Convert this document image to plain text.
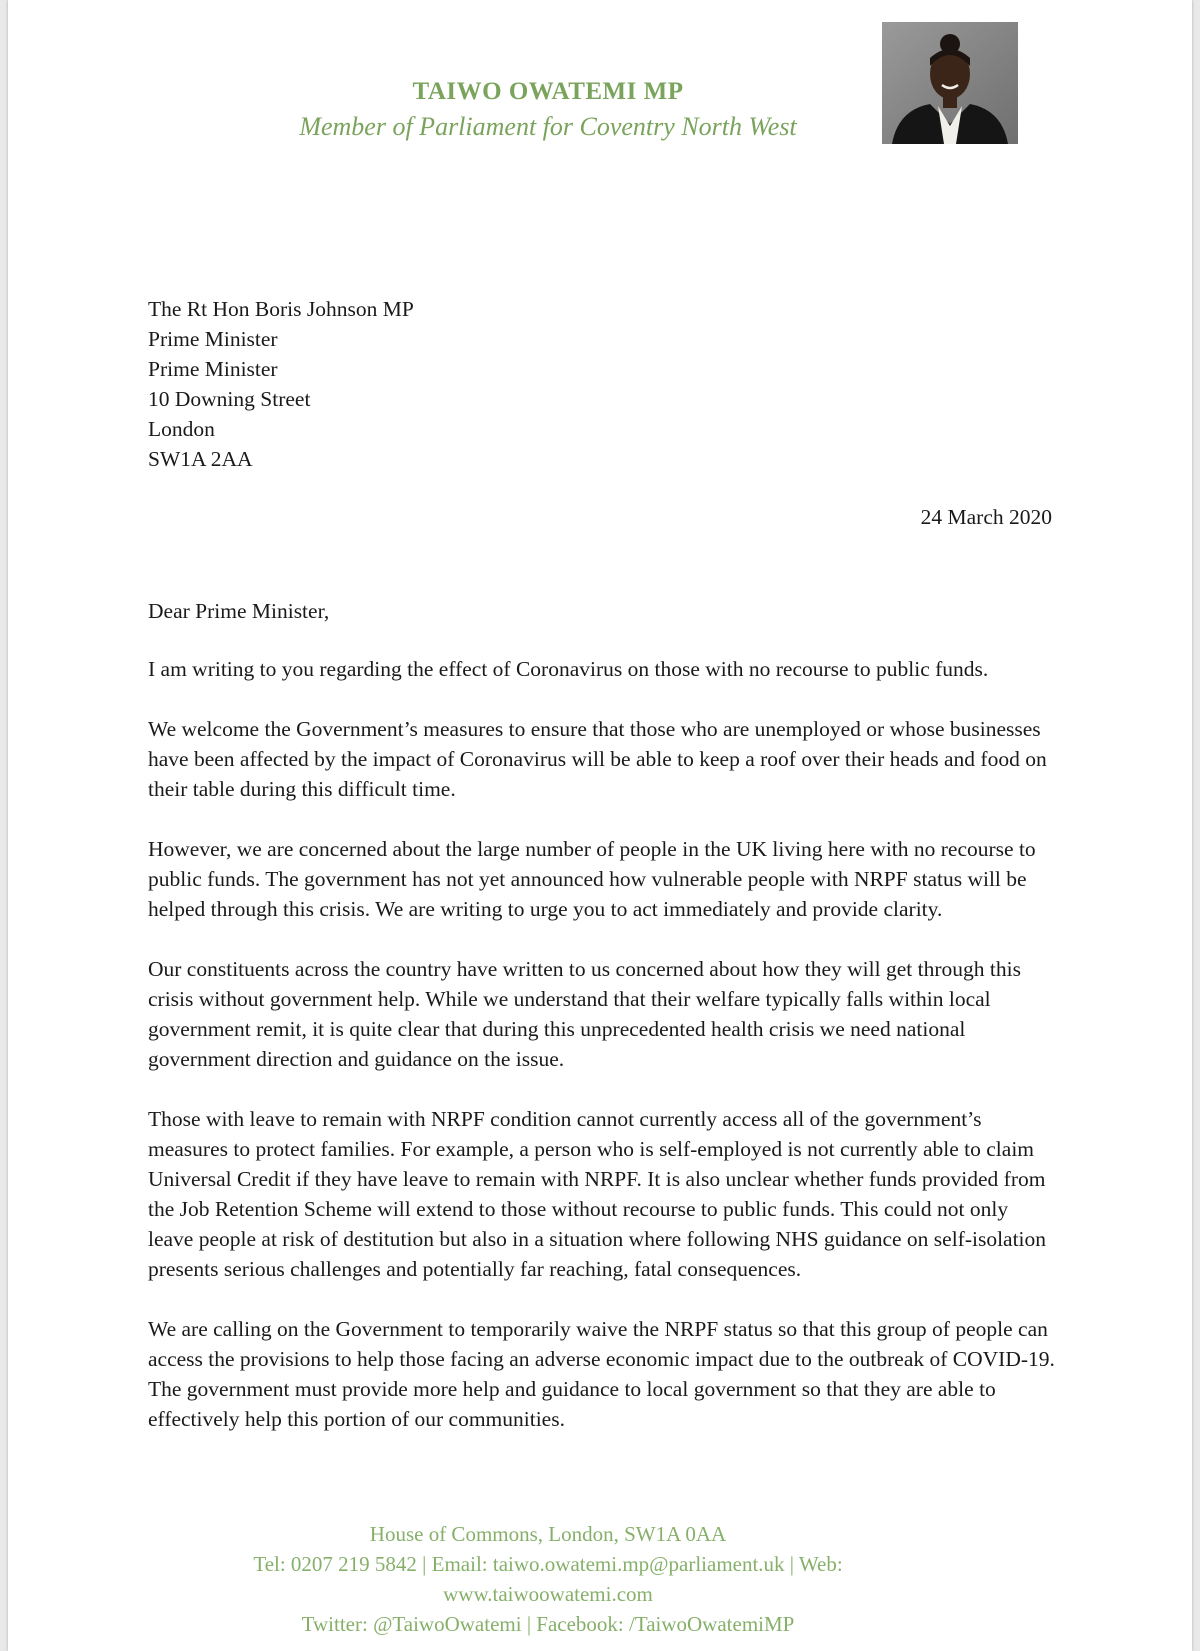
TAIWO OWATEMI MP
Member of Parliament for Coventry North West
The Rt Hon Boris Johnson MP
Prime Minister
Prime Minister
10 Downing Street
London
SW1A 2AA
24 March 2020

Dear Prime Minister,

I am writing to you regarding the effect of Coronavirus on those with no recourse to public funds.

We welcome the Government’s measures to ensure that those who are unemployed or whose businesses have been affected by the impact of Coronavirus will be able to keep a roof over their heads and food on their table during this difficult time.

However, we are concerned about the large number of people in the UK living here with no recourse to public funds. The government has not yet announced how vulnerable people with NRPF status will be helped through this crisis. We are writing to urge you to act immediately and provide clarity.

Our constituents across the country have written to us concerned about how they will get through this crisis without government help. While we understand that their welfare typically falls within local government remit, it is quite clear that during this unprecedented health crisis we need national government direction and guidance on the issue.

Those with leave to remain with NRPF condition cannot currently access all of the government’s measures to protect families. For example, a person who is self-employed is not currently able to claim Universal Credit if they have leave to remain with NRPF. It is also unclear whether funds provided from the Job Retention Scheme will extend to those without recourse to public funds. This could not only leave people at risk of destitution but also in a situation where following NHS guidance on self-isolation presents serious challenges and potentially far reaching, fatal consequences.

We are calling on the Government to temporarily waive the NRPF status so that this group of people can access the provisions to help those facing an adverse economic impact due to the outbreak of COVID-19. The government must provide more help and guidance to local government so that they are able to effectively help this portion of our communities.

House of Commons, London, SW1A 0AA
Tel: 0207 219 5842 | Email: taiwo.owatemi.mp@parliament.uk | Web:
www.taiwoowatemi.com
Twitter: @TaiwoOwatemi | Facebook: /TaiwoOwatemiMP
